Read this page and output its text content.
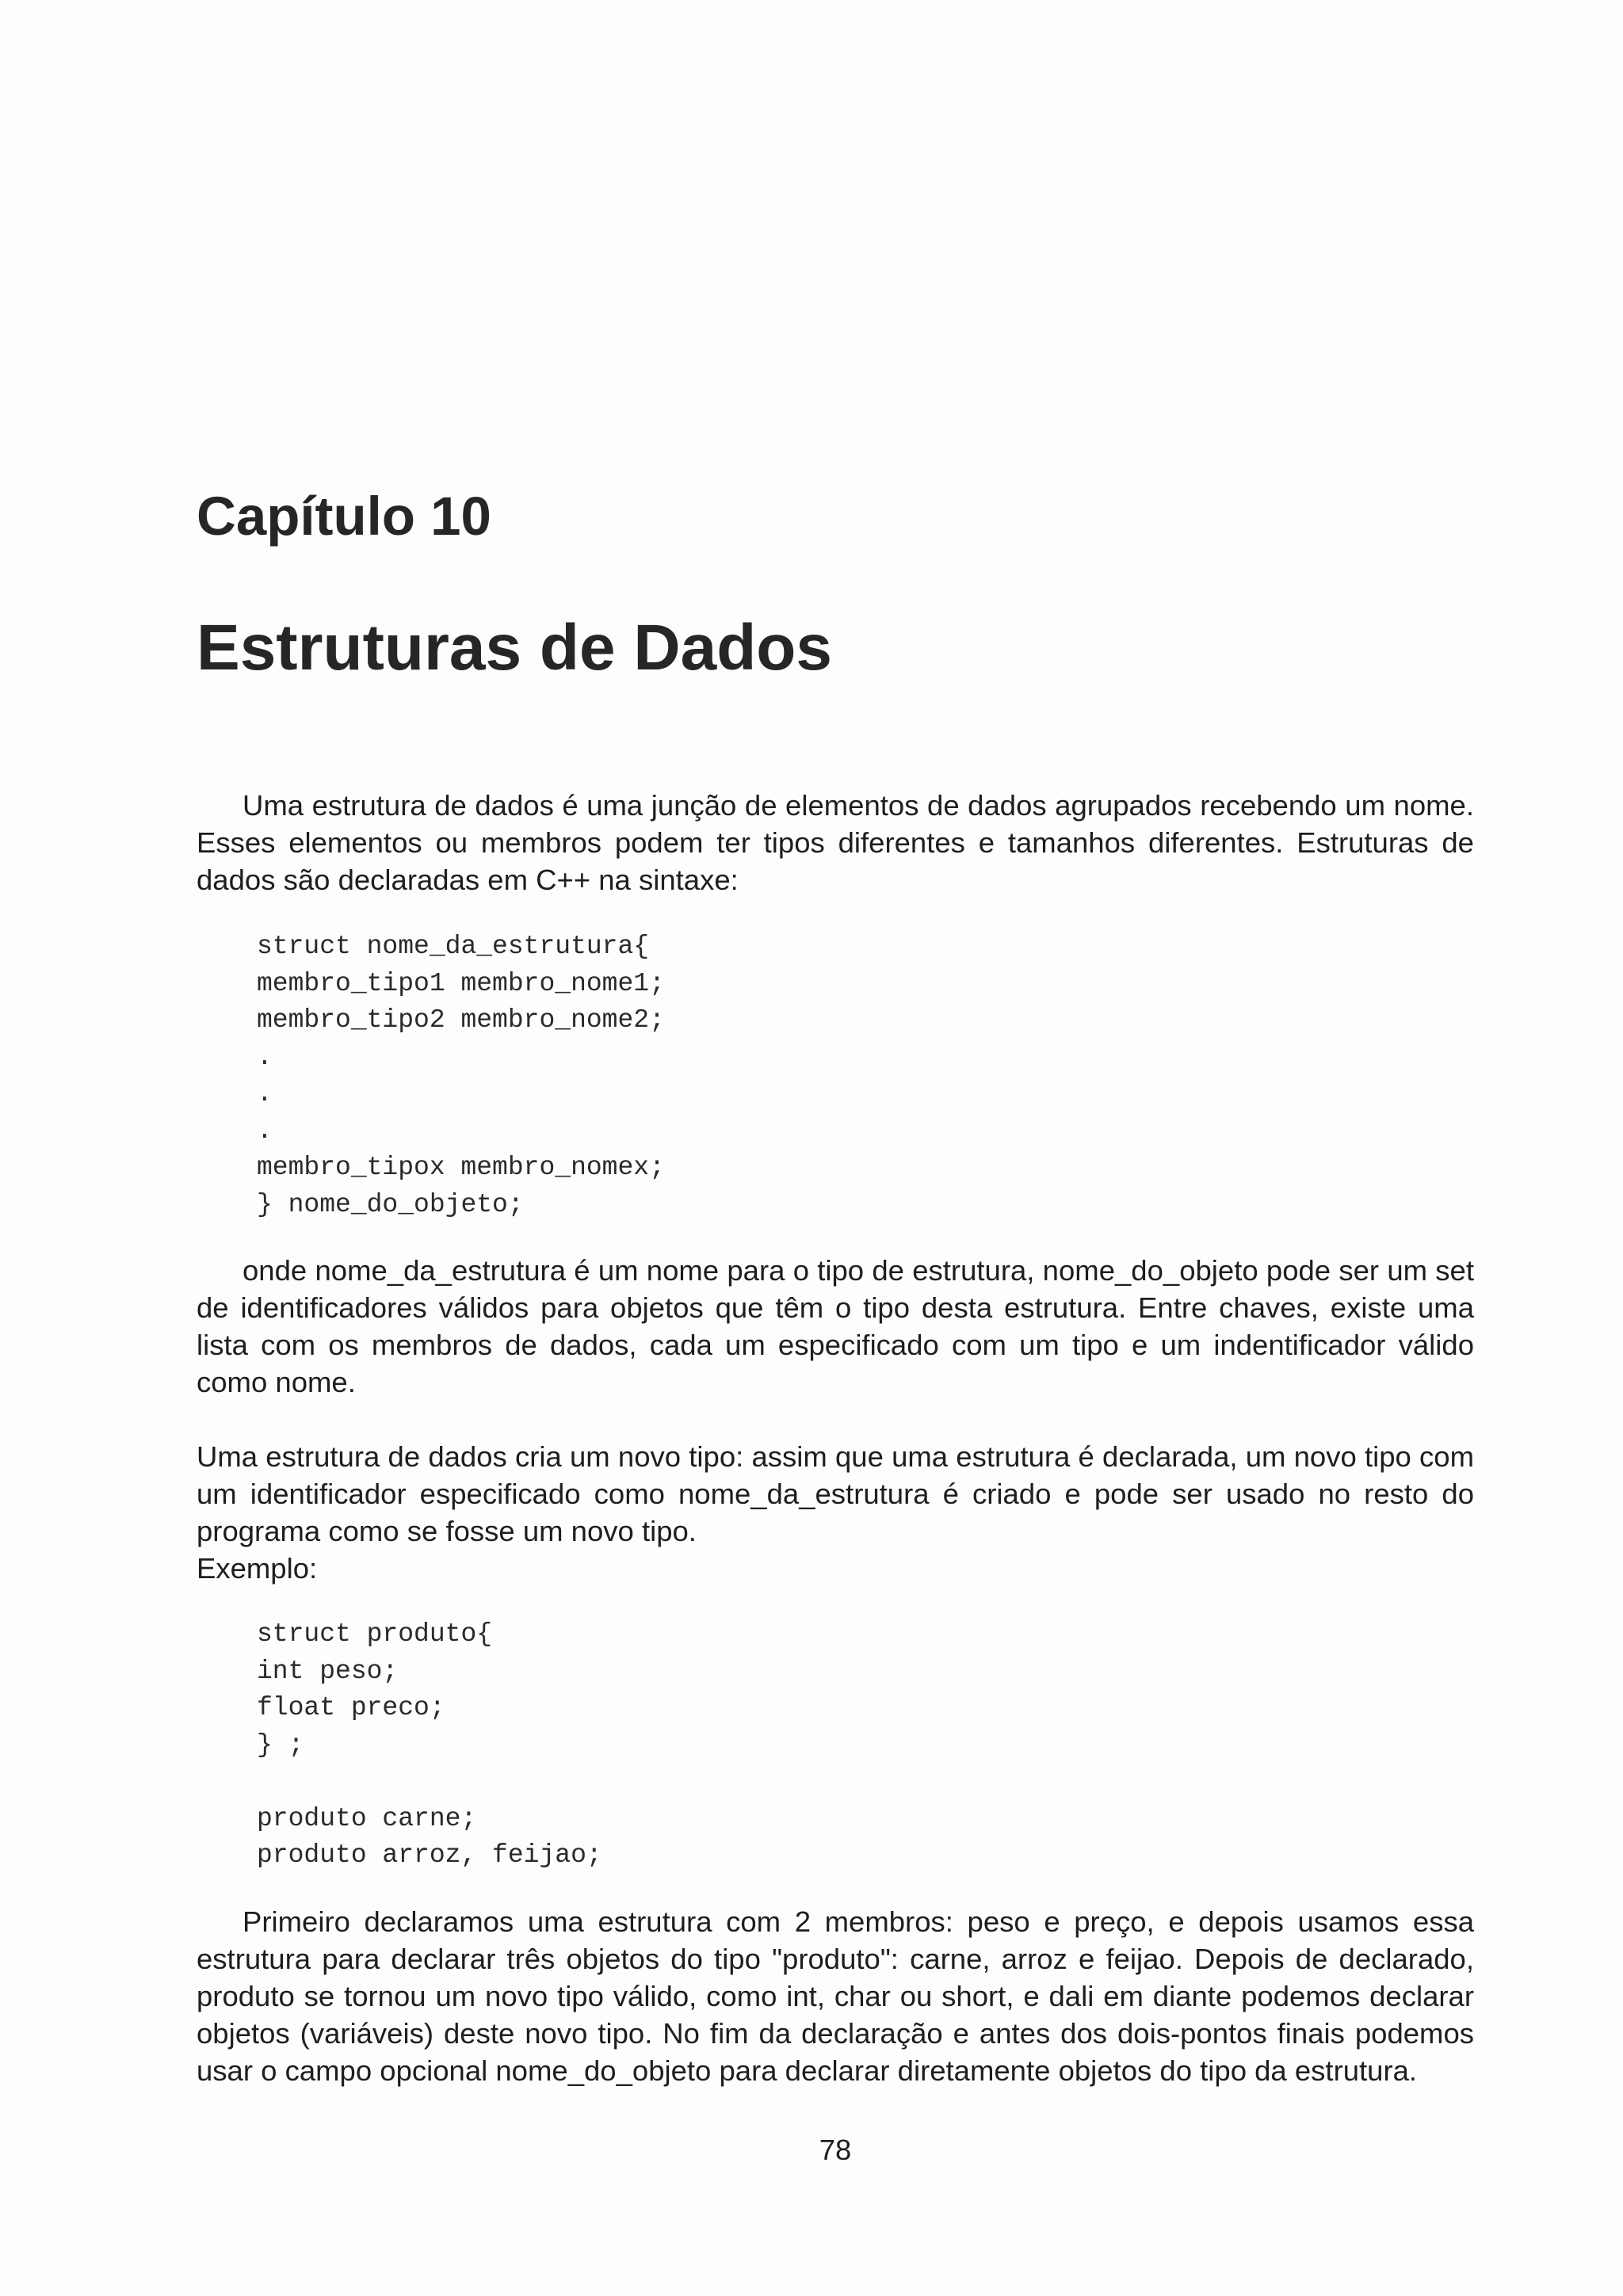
Capítulo 10
Estruturas de Dados

Uma estrutura de dados é uma junção de elementos de dados agrupados recebendo um nome. Esses elementos ou membros podem ter tipos diferentes e tamanhos diferentes. Estruturas de dados são declaradas em C++ na sintaxe:

struct nome_da_estrutura{
membro_tipo1 membro_nome1;
membro_tipo2 membro_nome2;
.
.
.
membro_tipox membro_nomex;
} nome_do_objeto;

onde nome_da_estrutura é um nome para o tipo de estrutura, nome_do_objeto pode ser um set de identificadores válidos para objetos que têm o tipo desta estrutura. Entre chaves, existe uma lista com os membros de dados, cada um especificado com um tipo e um indentificador válido como nome.

Uma estrutura de dados cria um novo tipo: assim que uma estrutura é declarada, um novo tipo com um identificador especificado como nome_da_estrutura é criado e pode ser usado no resto do programa como se fosse um novo tipo.

Exemplo:

struct produto{
int peso;
float preco;
} ;
produto carne;
produto arroz, feijao;

Primeiro declaramos uma estrutura com 2 membros: peso e preço, e depois usamos essa estrutura para declarar três objetos do tipo "produto": carne, arroz e feijao. Depois de declarado, produto se tornou um novo tipo válido, como int, char ou short, e dali em diante podemos declarar objetos (variáveis) deste novo tipo. No fim da declaração e antes dos dois-pontos finais podemos usar o campo opcional nome_do_objeto para declarar diretamente objetos do tipo da estrutura.

78
